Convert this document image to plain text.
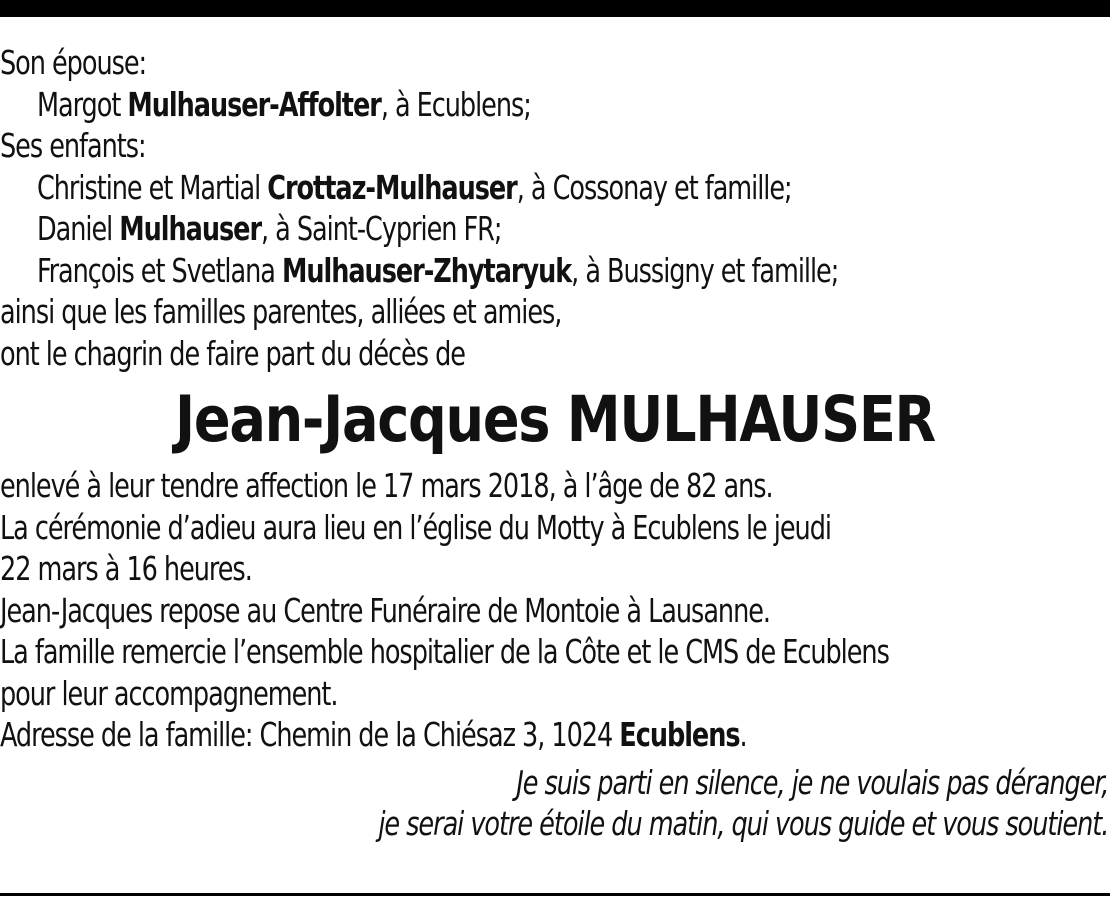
Son épouse:
Margot Mulhauser-Affolter, à Ecublens;
Ses enfants:
Christine et Martial Crottaz-Mulhauser, à Cossonay et famille;
Daniel Mulhauser, à Saint-Cyprien FR;
François et Svetlana Mulhauser-Zhytaryuk, à Bussigny et famille;
ainsi que les familles parentes, alliées et amies,
ont le chagrin de faire part du décès de
Jean-Jacques MULHAUSER
enlevé à leur tendre affection le 17 mars 2018, à l’âge de 82 ans.
La cérémonie d’adieu aura lieu en l’église du Motty à Ecublens le jeudi
22 mars à 16 heures.
Jean-Jacques repose au Centre Funéraire de Montoie à Lausanne.
La famille remercie l’ensemble hospitalier de la Côte et le CMS de Ecublens
pour leur accompagnement.
Adresse de la famille: Chemin de la Chiésaz 3, 1024 Ecublens.
Je suis parti en silence, je ne voulais pas déranger,
je serai votre étoile du matin, qui vous guide et vous soutient.
